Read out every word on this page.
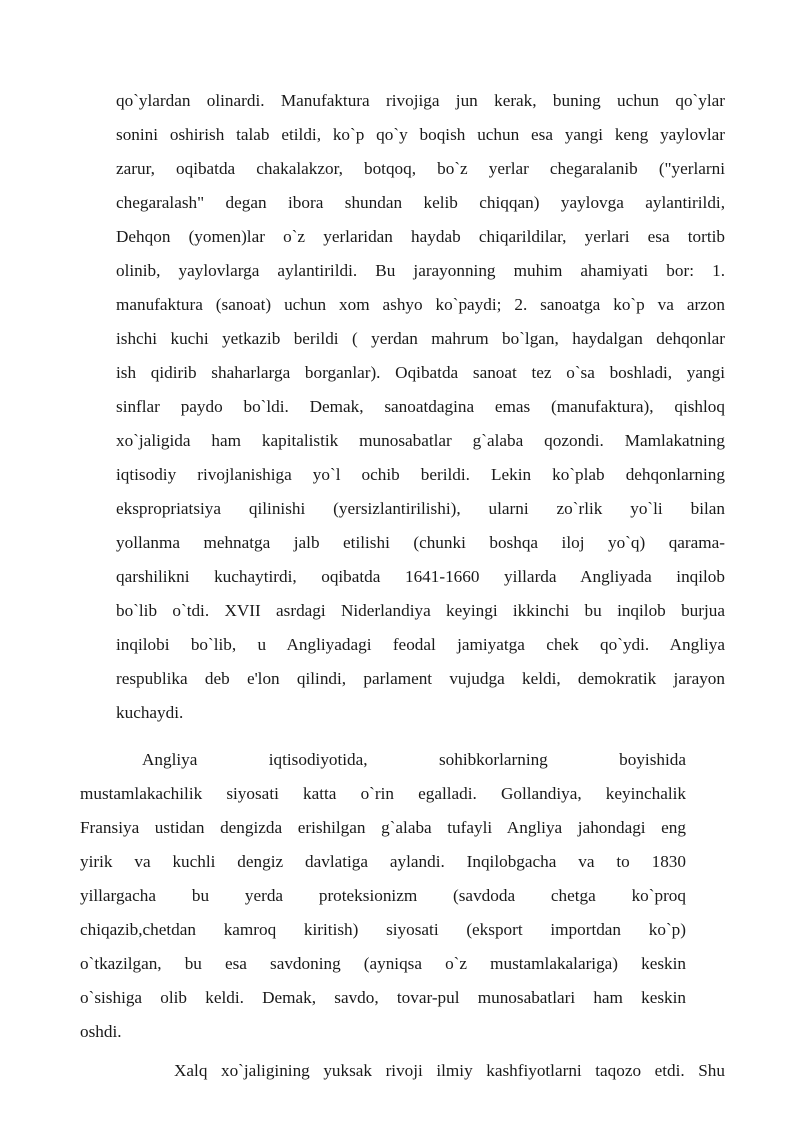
qo`ylardan olinardi. Manufaktura rivojiga jun kerak, buning uchun qo`ylar
sonini oshirish talab etildi, ko`p qo`y boqish uchun esa yangi keng yaylovlar
zarur, oqibatda chakalakzor, botqoq, bo`z yerlar chegaralanib ("yerlarni
chegaralash" degan ibora shundan kelib chiqqan) yaylovga aylantirildi,
Dehqon (yomen)lar o`z yerlaridan haydab chiqarildilar, yerlari esa tortib
olinib, yaylovlarga aylantirildi. Bu jarayonning muhim ahamiyati bor: 1.
manufaktura (sanoat) uchun xom ashyo ko`paydi; 2. sanoatga ko`p va arzon
ishchi kuchi yetkazib berildi ( yerdan mahrum bo`lgan, haydalgan dehqonlar
ish qidirib shaharlarga borganlar). Oqibatda sanoat tez o`sa boshladi, yangi
sinflar paydo bo`ldi. Demak, sanoatdagina emas (manufaktura), qishloq
xo`jaligida ham kapitalistik munosabatlar g`alaba qozondi. Mamlakatning
iqtisodiy rivojlanishiga yo`l ochib berildi. Lekin ko`plab dehqonlarning
ekspropriatsiya qilinishi (yersizlantirilishi), ularni zo`rlik yo`li bilan
yollanma mehnatga jalb etilishi (chunki boshqa iloj yo`q) qarama-
qarshilikni kuchaytirdi, oqibatda 1641-1660 yillarda Angliyada inqilob
bo`lib o`tdi. XVII asrdagi Niderlandiya keyingi ikkinchi bu inqilob burjua
inqilobi bo`lib, u Angliyadagi feodal jamiyatga chek qo`ydi. Angliya
respublika deb e'lon qilindi, parlament vujudga keldi, demokratik jarayon
kuchaydi.
Angliya iqtisodiyotida, sohibkorlarning boyishida
mustamlakachilik siyosati katta o`rin egalladi. Gollandiya, keyinchalik
Fransiya ustidan dengizda erishilgan g`alaba tufayli Angliya jahondagi eng
yirik va kuchli dengiz davlatiga aylandi. Inqilobgacha va to 1830
yillargacha bu yerda proteksionizm (savdoda chetga ko`proq
chiqazib,chetdan kamroq kiritish) siyosati (eksport importdan ko`p)
o`tkazilgan, bu esa savdoning (ayniqsa o`z mustamlakalariga) keskin
o`sishiga olib keldi. Demak, savdo, tovar-pul munosabatlari ham keskin
oshdi.
Xalq xo`jaligining yuksak rivoji ilmiy kashfiyotlarni taqozo etdi. Shu
